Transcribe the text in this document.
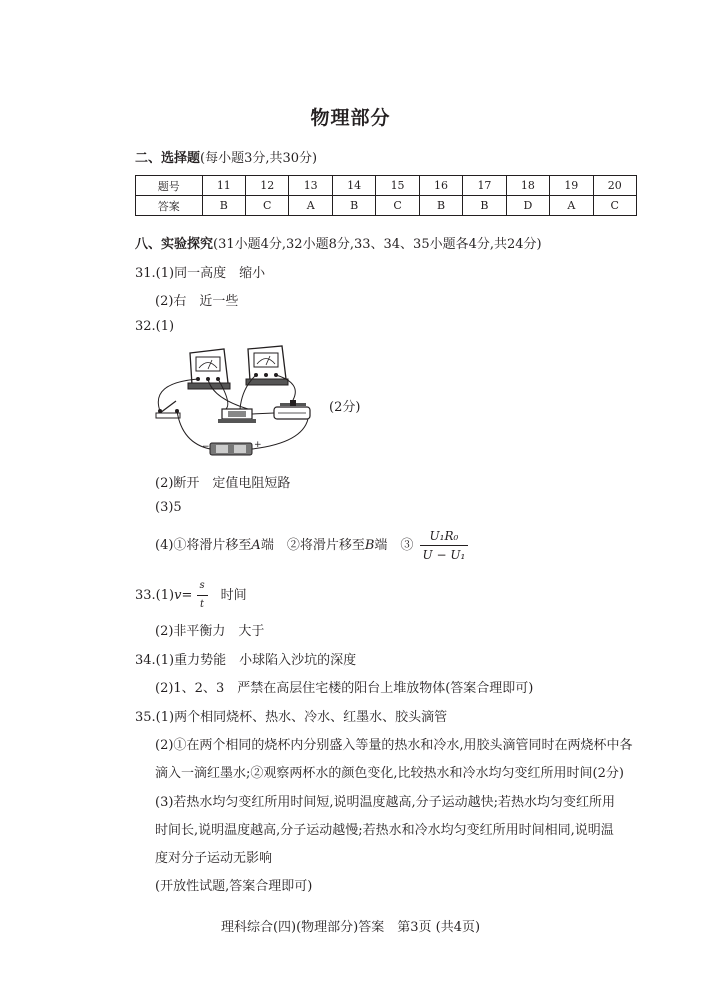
物理部分
二、选择题(每小题3分,共30分)
题号	11	12	13	14	15	16	17	18	19	20
答案	B	C	A	B	C	B	B	D	A	C
八、实验探究(31小题4分,32小题8分,33、34、35小题各4分,共24分)
31.(1)同一高度　缩小
(2)右　近一些
32.(1)
−	+
(2分)
(2)断开　定值电阻短路
(3)5
(4)①将滑片移至A端　②将滑片移至B端　③ $\frac{\text{U₁R₀}}{\text{U − U₁}}$
$33.(1)v= \frac{s}{t}$ 　时间
(2)非平衡力　大于
34.(1)重力势能　小球陷入沙坑的深度
(2)1、2、3　严禁在高层住宅楼的阳台上堆放物体(答案合理即可)
35.(1)两个相同烧杯、热水、冷水、红墨水、胶头滴管
(2)①在两个相同的烧杯内分别盛入等量的热水和冷水,用胶头滴管同时在两烧杯中各
滴入一滴红墨水;②观察两杯水的颜色变化,比较热水和冷水均匀变红所用时间(2分)
(3)若热水均匀变红所用时间短,说明温度越高,分子运动越快;若热水均匀变红所用
时间长,说明温度越高,分子运动越慢;若热水和冷水均匀变红所用时间相同,说明温
度对分子运动无影响
(开放性试题,答案合理即可)
理科综合(四)(物理部分)答案　第3页 (共4页)
